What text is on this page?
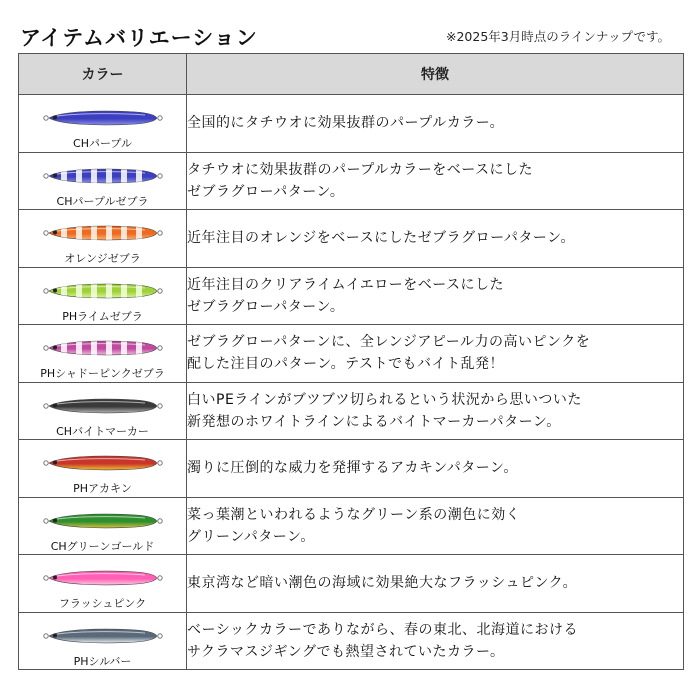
アイテムバリエーション	※2025年3月時点のラインナップです。
カラー	特徴

CHパープル	全国的にタチウオに効果抜群のパープルカラー。

CHパープルゼブラ	タチウオに効果抜群のパープルカラーをベースにした
ゼブラグローパターン。

オレンジゼブラ	近年注目のオレンジをベースにしたゼブラグローパターン。

PHライムゼブラ	近年注目のクリアライムイエローをベースにした
ゼブラグローパターン。

PHシャドーピンクゼブラ	ゼブラグローパターンに、全レンジアピール力の高いピンクを
配した注目のパターン。テストでもバイト乱発！

CHバイトマーカー	白いPEラインがブツブツ切られるという状況から思いついた
新発想のホワイトラインによるバイトマーカーパターン。

PHアカキン	濁りに圧倒的な威力を発揮するアカキンパターン。

CHグリーンゴールド	菜っ葉潮といわれるようなグリーン系の潮色に効く
グリーンパターン。

フラッシュピンク	東京湾など暗い潮色の海域に効果絶大なフラッシュピンク。

PHシルバー	ベーシックカラーでありながら、春の東北、北海道における
サクラマスジギングでも熱望されていたカラー。
